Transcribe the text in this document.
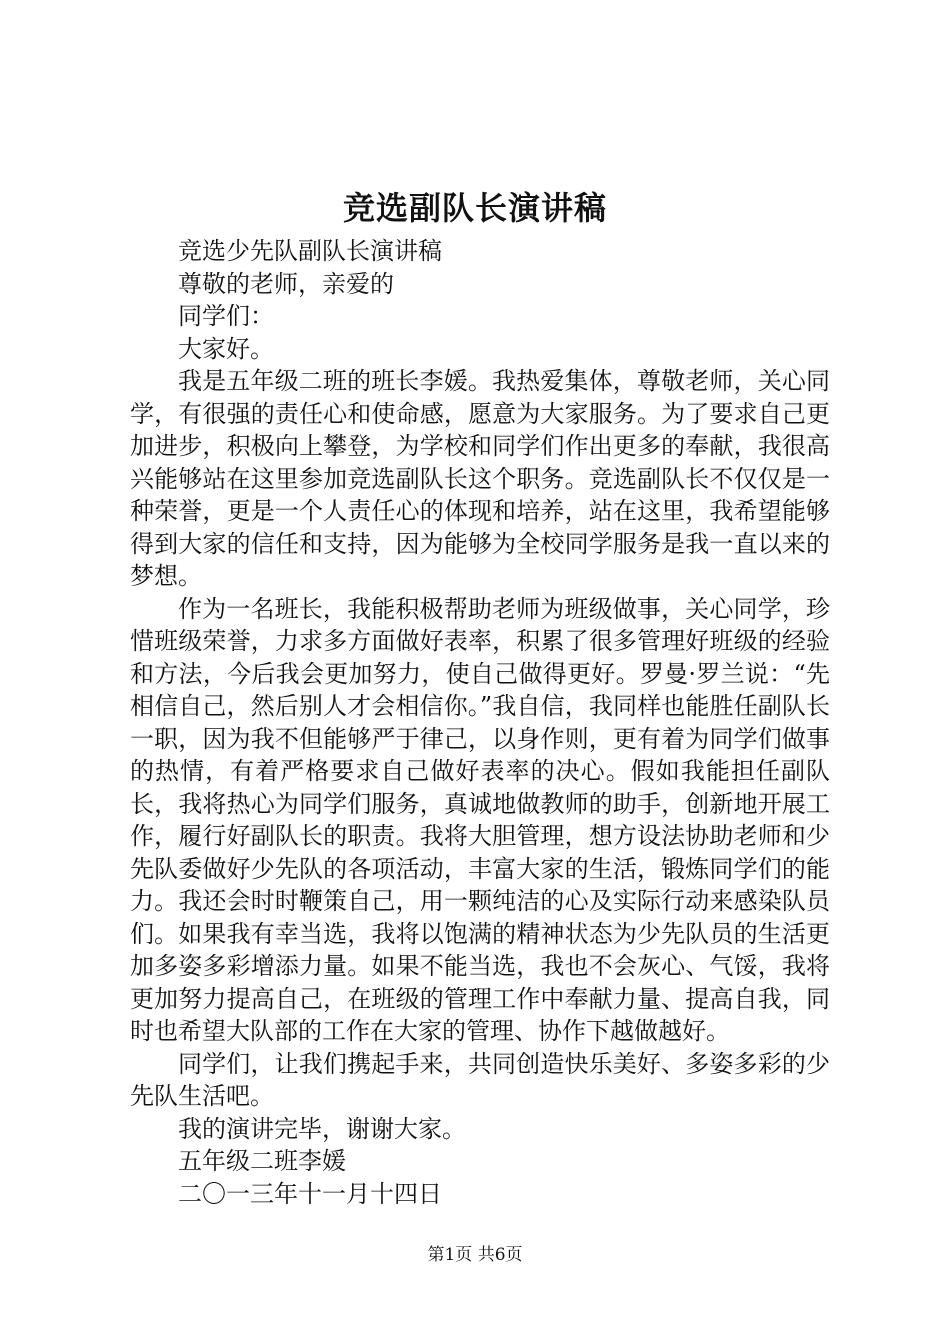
竞选副队长演讲稿

竞选少先队副队长演讲稿

尊敬的老师，亲爱的

同学们：

大家好。

我是五年级二班的班长李媛。我热爱集体，尊敬老师，关心同学，有很强的责任心和使命感，愿意为大家服务。为了要求自己更加进步，积极向上攀登，为学校和同学们作出更多的奉献，我很高兴能够站在这里参加竞选副队长这个职务。竞选副队长不仅仅是一种荣誉，更是一个人责任心的体现和培养，站在这里，我希望能够得到大家的信任和支持，因为能够为全校同学服务是我一直以来的梦想。

作为一名班长，我能积极帮助老师为班级做事，关心同学，珍惜班级荣誉，力求多方面做好表率，积累了很多管理好班级的经验和方法，今后我会更加努力，使自己做得更好。罗曼·罗兰说：“先相信自己，然后别人才会相信你。”我自信，我同样也能胜任副队长一职，因为我不但能够严于律己，以身作则，更有着为同学们做事的热情，有着严格要求自己做好表率的决心。假如我能担任副队长，我将热心为同学们服务，真诚地做教师的助手，创新地开展工作，履行好副队长的职责。我将大胆管理，想方设法协助老师和少先队委做好少先队的各项活动，丰富大家的生活，锻炼同学们的能力。我还会时时鞭策自己，用一颗纯洁的心及实际行动来感染队员们。如果我有幸当选，我将以饱满的精神状态为少先队员的生活更加多姿多彩增添力量。如果不能当选，我也不会灰心、气馁，我将更加努力提高自己，在班级的管理工作中奉献力量、提高自我，同时也希望大队部的工作在大家的管理、协作下越做越好。

同学们，让我们携起手来，共同创造快乐美好、多姿多彩的少先队生活吧。

我的演讲完毕，谢谢大家。

五年级二班李媛

二〇一三年十一月十四日

第1页 共6页
